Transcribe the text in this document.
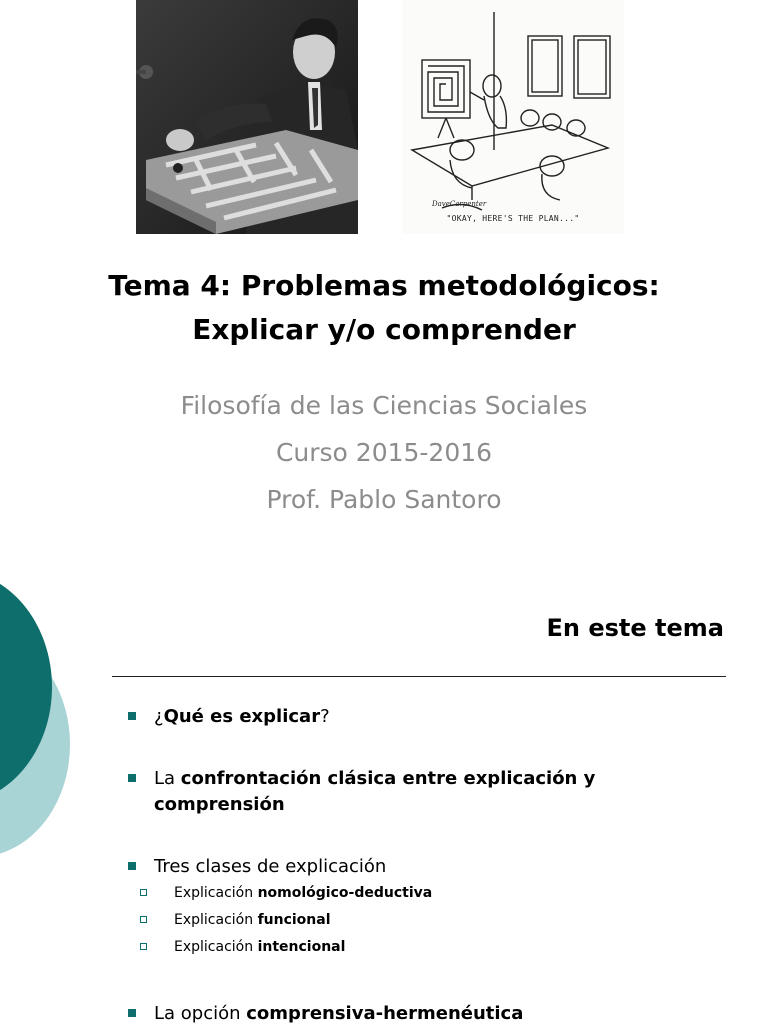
DaveCarpenter
"OKAY, HERE'S THE PLAN..."
Tema 4: Problemas metodológicos:
Explicar y/o comprender
Filosofía de las Ciencias Sociales
Curso 2015-2016
Prof. Pablo Santoro
En este tema
¿Qué es explicar?
La confrontación clásica entre explicación y comprensión
Tres clases de explicación
Explicación nomológico-deductiva
Explicación funcional
Explicación intencional
La opción comprensiva-hermenéutica
